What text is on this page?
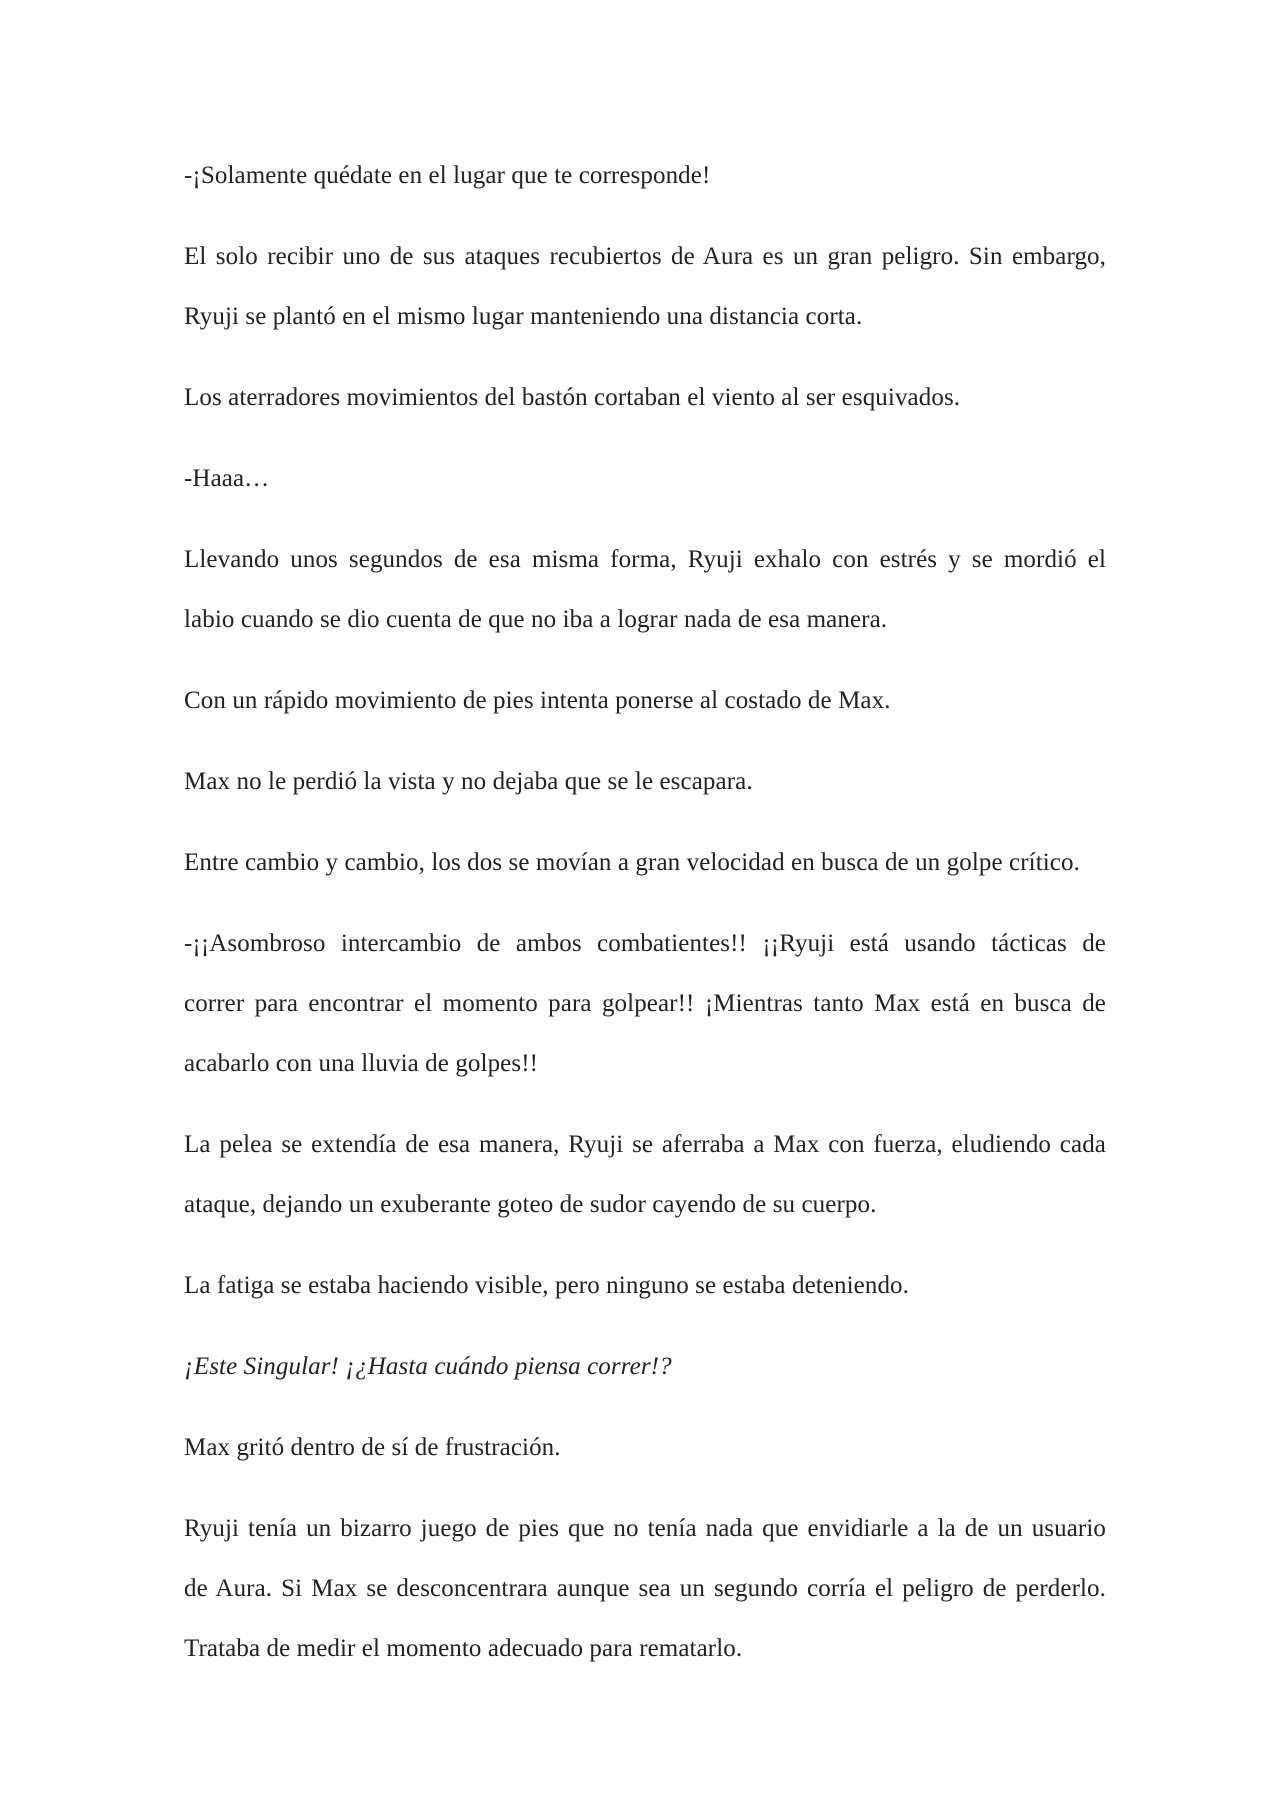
-¡Solamente quédate en el lugar que te corresponde!

El solo recibir uno de sus ataques recubiertos de Aura es un gran peligro. Sin embargo,
Ryuji se plantó en el mismo lugar manteniendo una distancia corta.

Los aterradores movimientos del bastón cortaban el viento al ser esquivados.

-Haaa…

Llevando unos segundos de esa misma forma, Ryuji exhalo con estrés y se mordió el
labio cuando se dio cuenta de que no iba a lograr nada de esa manera.

Con un rápido movimiento de pies intenta ponerse al costado de Max.

Max no le perdió la vista y no dejaba que se le escapara.

Entre cambio y cambio, los dos se movían a gran velocidad en busca de un golpe crítico.

-¡¡Asombroso intercambio de ambos combatientes!! ¡¡Ryuji está usando tácticas de
correr para encontrar el momento para golpear!! ¡Mientras tanto Max está en busca de
acabarlo con una lluvia de golpes!!

La pelea se extendía de esa manera, Ryuji se aferraba a Max con fuerza, eludiendo cada
ataque, dejando un exuberante goteo de sudor cayendo de su cuerpo.

La fatiga se estaba haciendo visible, pero ninguno se estaba deteniendo.

¡Este Singular! ¡¿Hasta cuándo piensa correr!?

Max gritó dentro de sí de frustración.

Ryuji tenía un bizarro juego de pies que no tenía nada que envidiarle a la de un usuario
de Aura. Si Max se desconcentrara aunque sea un segundo corría el peligro de perderlo.
Trataba de medir el momento adecuado para rematarlo.
